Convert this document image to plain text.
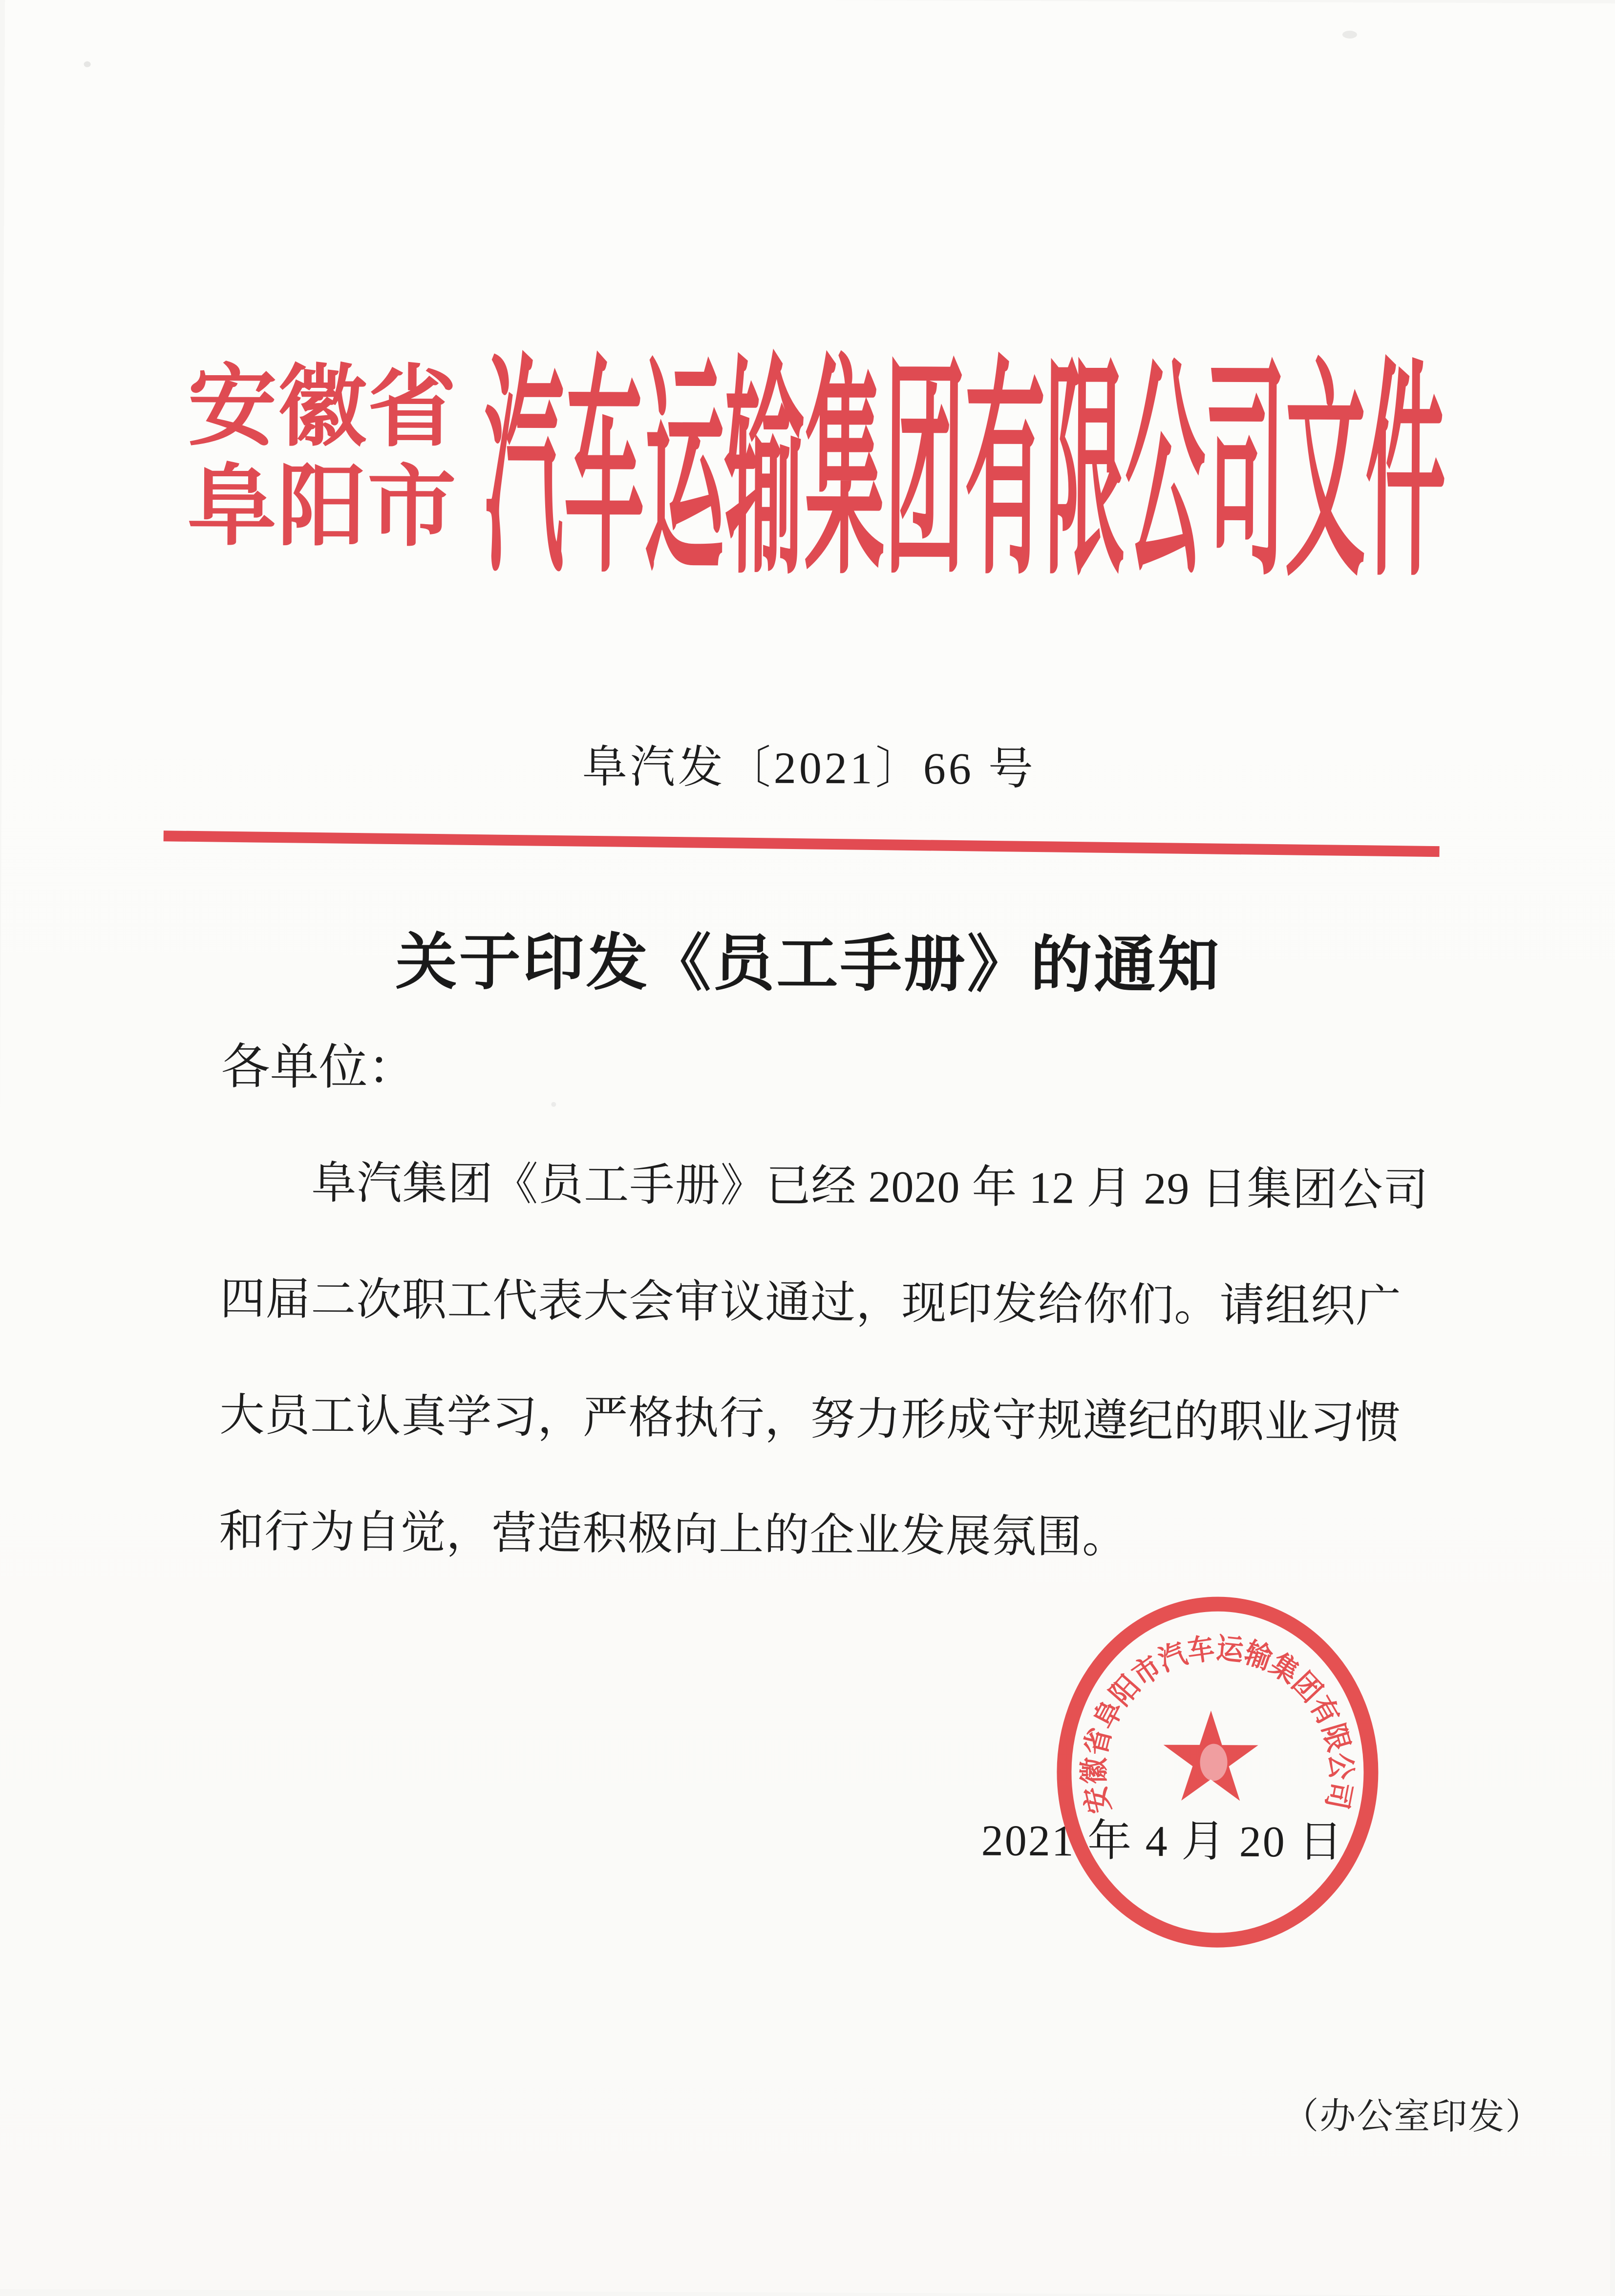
安徽省
阜阳市 汽车运输集团有限公司文件
阜汽发〔2021〕66 号
关于印发《员工手册》的通知
各单位：
阜汽集团《员工手册》已经 2020 年 12 月 29 日集团公司
四届二次职工代表大会审议通过，现印发给你们。请组织广
大员工认真学习，严格执行，努力形成守规遵纪的职业习惯
和行为自觉，营造积极向上的企业发展氛围。
2021 年 4 月 20 日
安徽省阜阳市汽车运输集团有限公司
（办公室印发）
